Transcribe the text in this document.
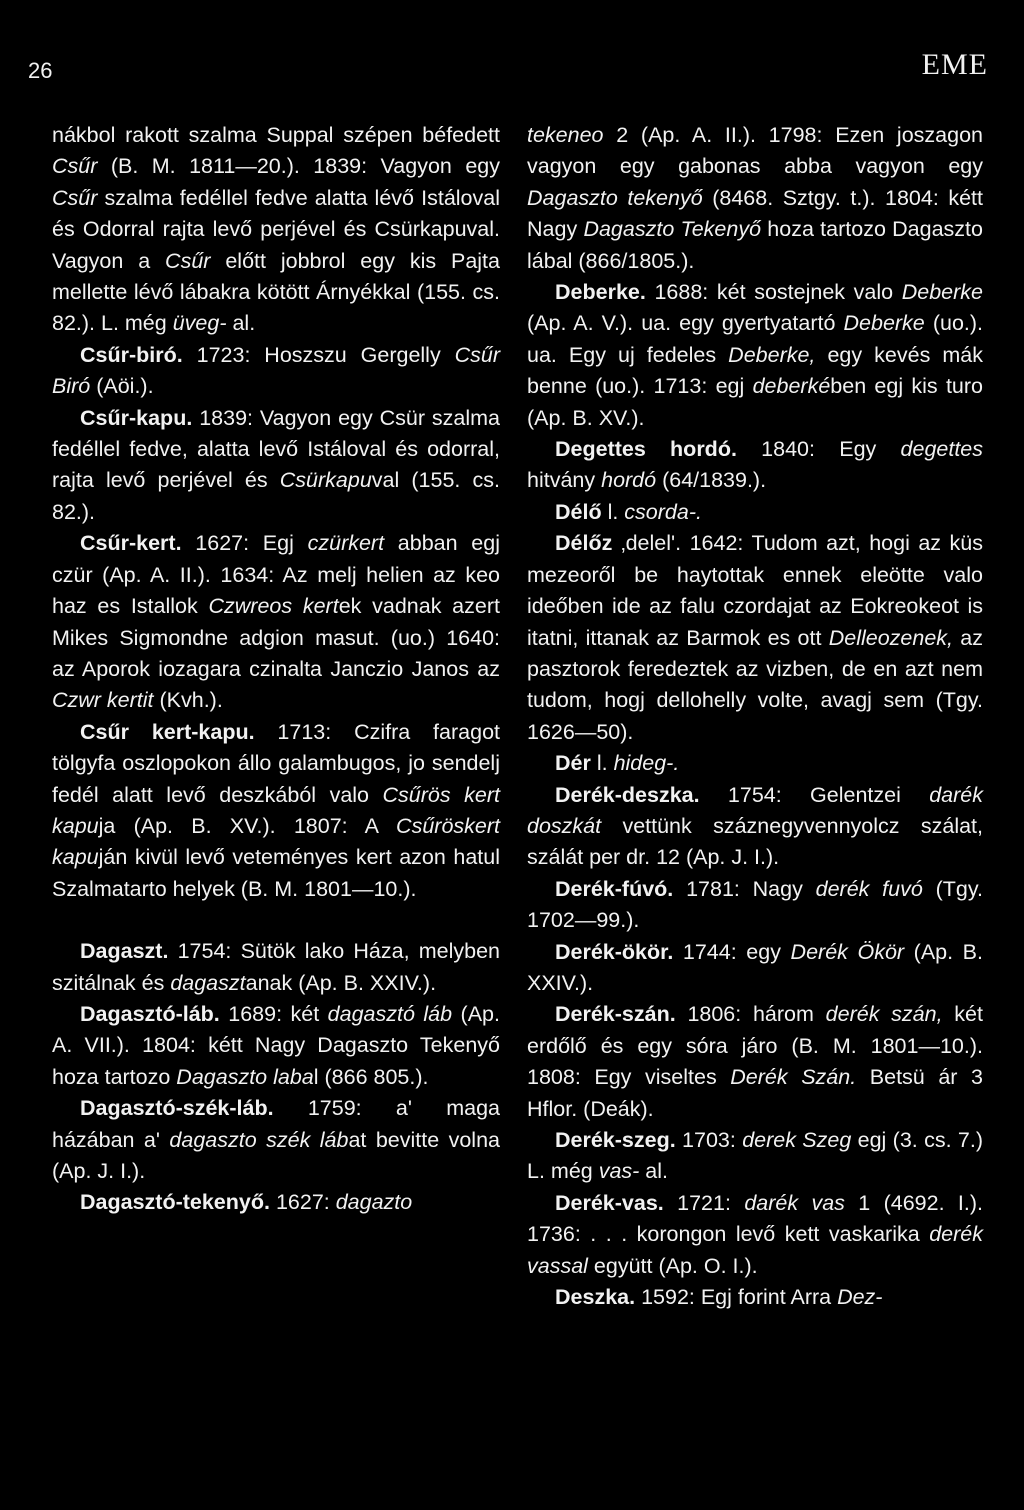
26	EME

nákbol rakott szalma Suppal szépen béfedett Csűr (B. M. 1811—20.). 1839: Vagyon egy Csűr szalma fedéllel fedve alatta lévő Istáloval és Odorral rajta levő perjével és Csürkapuval. Vagyon a Csűr előtt jobbrol egy kis Pajta mellette lévő lábakra kötött Árnyékkal (155. cs. 82.). L. még üveg- al.

Csűr-biró. 1723: Hoszszu Gergelly Csűr Biró (Aöi.).

Csűr-kapu. 1839: Vagyon egy Csür szalma fedéllel fedve, alatta levő Istáloval és odorral, rajta levő perjével és Csürkapuval (155. cs. 82.).

Csűr-kert. 1627: Egj czürkert abban egj czür (Ap. A. II.). 1634: Az melj helien az keo haz es Istallok Czwreos kertek vadnak azert Mikes Sigmondne adgion masut. (uo.) 1640: az Aporok iozagara czinalta Janczio Janos az Czwr kertit (Kvh.).

Csűr kert-kapu. 1713: Czifra faragot tölgyfa oszlopokon állo galambugos, jo sendelj fedél alatt levő deszkából valo Csűrös kert kapuja (Ap. B. XV.). 1807: A Csűröskert kapuján kivül levő veteményes kert azon hatul Szalmatarto helyek (B. M. 1801—10.).

Dagaszt. 1754: Sütök lako Háza, melyben szitálnak és dagasztanak (Ap. B. XXIV.).

Dagasztó-láb. 1689: két dagasztó láb (Ap. A. VII.). 1804: kétt Nagy Dagaszto Tekenyő hoza tartozo Dagaszto labal (866 805.).

Dagasztó-szék-láb. 1759: a' maga házában a' dagaszto szék lábat bevitte volna (Ap. J. I.).

Dagasztó-tekenyő. 1627: dagazto

tekeneo 2 (Ap. A. II.). 1798: Ezen joszagon vagyon egy gabonas abba vagyon egy Dagaszto tekenyő (8468. Sztgy. t.). 1804: kétt Nagy Dagaszto Tekenyő hoza tartozo Dagaszto lábal (866/1805.).

Deberke. 1688: két sostejnek valo Deberke (Ap. A. V.). ua. egy gyertyatartó Deberke (uo.). ua. Egy uj fedeles Deberke, egy kevés mák benne (uo.). 1713: egj deberkében egj kis turo (Ap. B. XV.).

Degettes hordó. 1840: Egy degettes hitvány hordó (64/1839.).

Délő l. csorda-.

Délőz ‚delel'. 1642: Tudom azt, hogi az küs mezeoről be haytottak ennek eleötte valo ideőben ide az falu czordajat az Eokreokeot is itatni, ittanak az Barmok es ott Delleozenek, az pasztorok feredeztek az vizben, de en azt nem tudom, hogj dellohelly volte, avagj sem (Tgy. 1626—50).

Dér l. hideg-.

Derék-deszka. 1754: Gelentzei darék doszkát vettünk száznegyvennyolcz szálat, szálát per dr. 12 (Ap. J. I.).

Derék-fúvó. 1781: Nagy derék fuvó (Tgy. 1702—99.).

Derék-ökör. 1744: egy Derék Ökör (Ap. B. XXIV.).

Derék-szán. 1806: három derék szán, két erdőlő és egy sóra járo (B. M. 1801—10.). 1808: Egy viseltes Derék Szán. Betsü ár 3 Hflor. (Deák).

Derék-szeg. 1703: derek Szeg egj (3. cs. 7.) L. még vas- al.

Derék-vas. 1721: darék vas 1 (4692. I.). 1736: . . . korongon levő kett vaskarika derék vassal együtt (Ap. O. I.).

Deszka. 1592: Egj forint Arra Dez-
